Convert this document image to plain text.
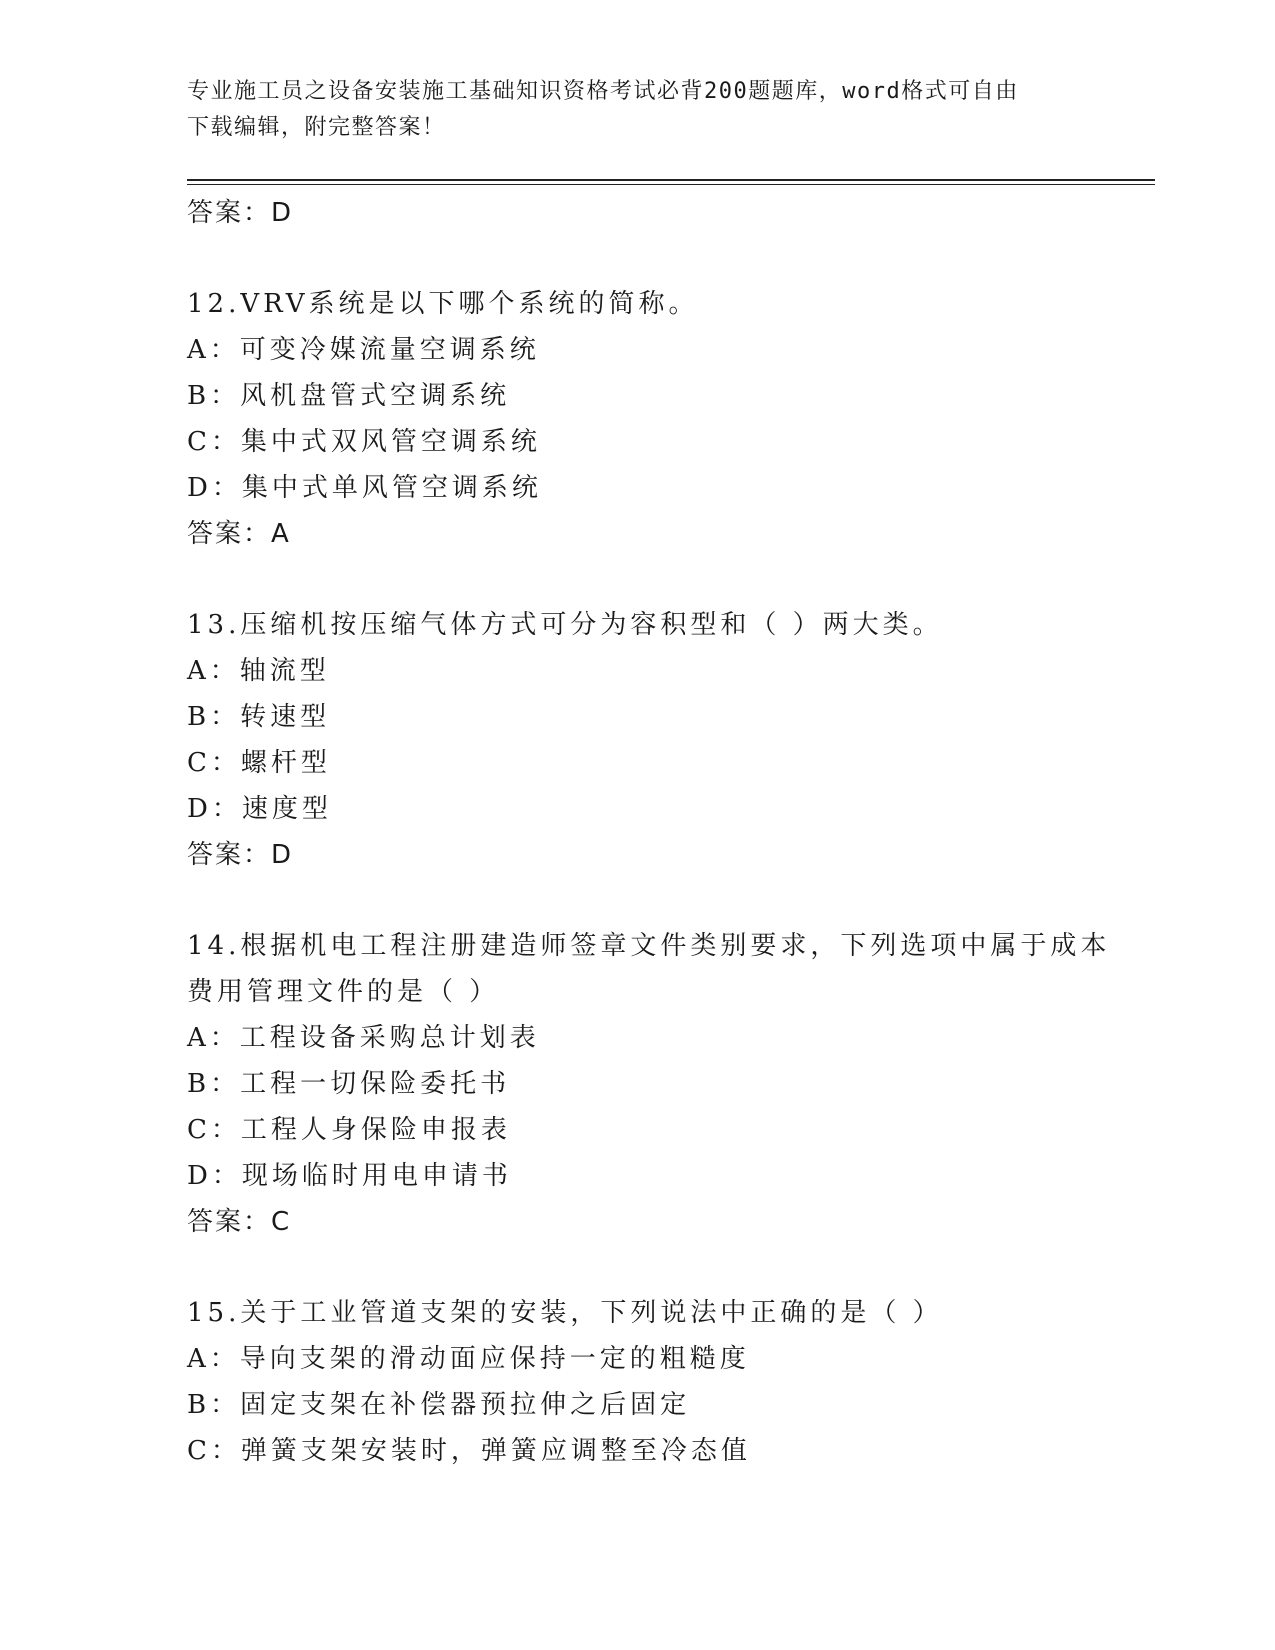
专业施工员之设备安装施工基础知识资格考试必背200题题库，word格式可自由
下载编辑，附完整答案！
答案：D
12.VRV系统是以下哪个系统的简称。
A：可变冷媒流量空调系统
B：风机盘管式空调系统
C：集中式双风管空调系统
D：集中式单风管空调系统
答案：A
13.压缩机按压缩气体方式可分为容积型和（ ）两大类。
A：轴流型
B：转速型
C：螺杆型
D：速度型
答案：D
14.根据机电工程注册建造师签章文件类别要求，下列选项中属于成本
费用管理文件的是（ ）
A：工程设备采购总计划表
B：工程一切保险委托书
C：工程人身保险申报表
D：现场临时用电申请书
答案：C
15.关于工业管道支架的安装，下列说法中正确的是（ ）
A：导向支架的滑动面应保持一定的粗糙度
B：固定支架在补偿器预拉伸之后固定
C：弹簧支架安装时，弹簧应调整至冷态值
